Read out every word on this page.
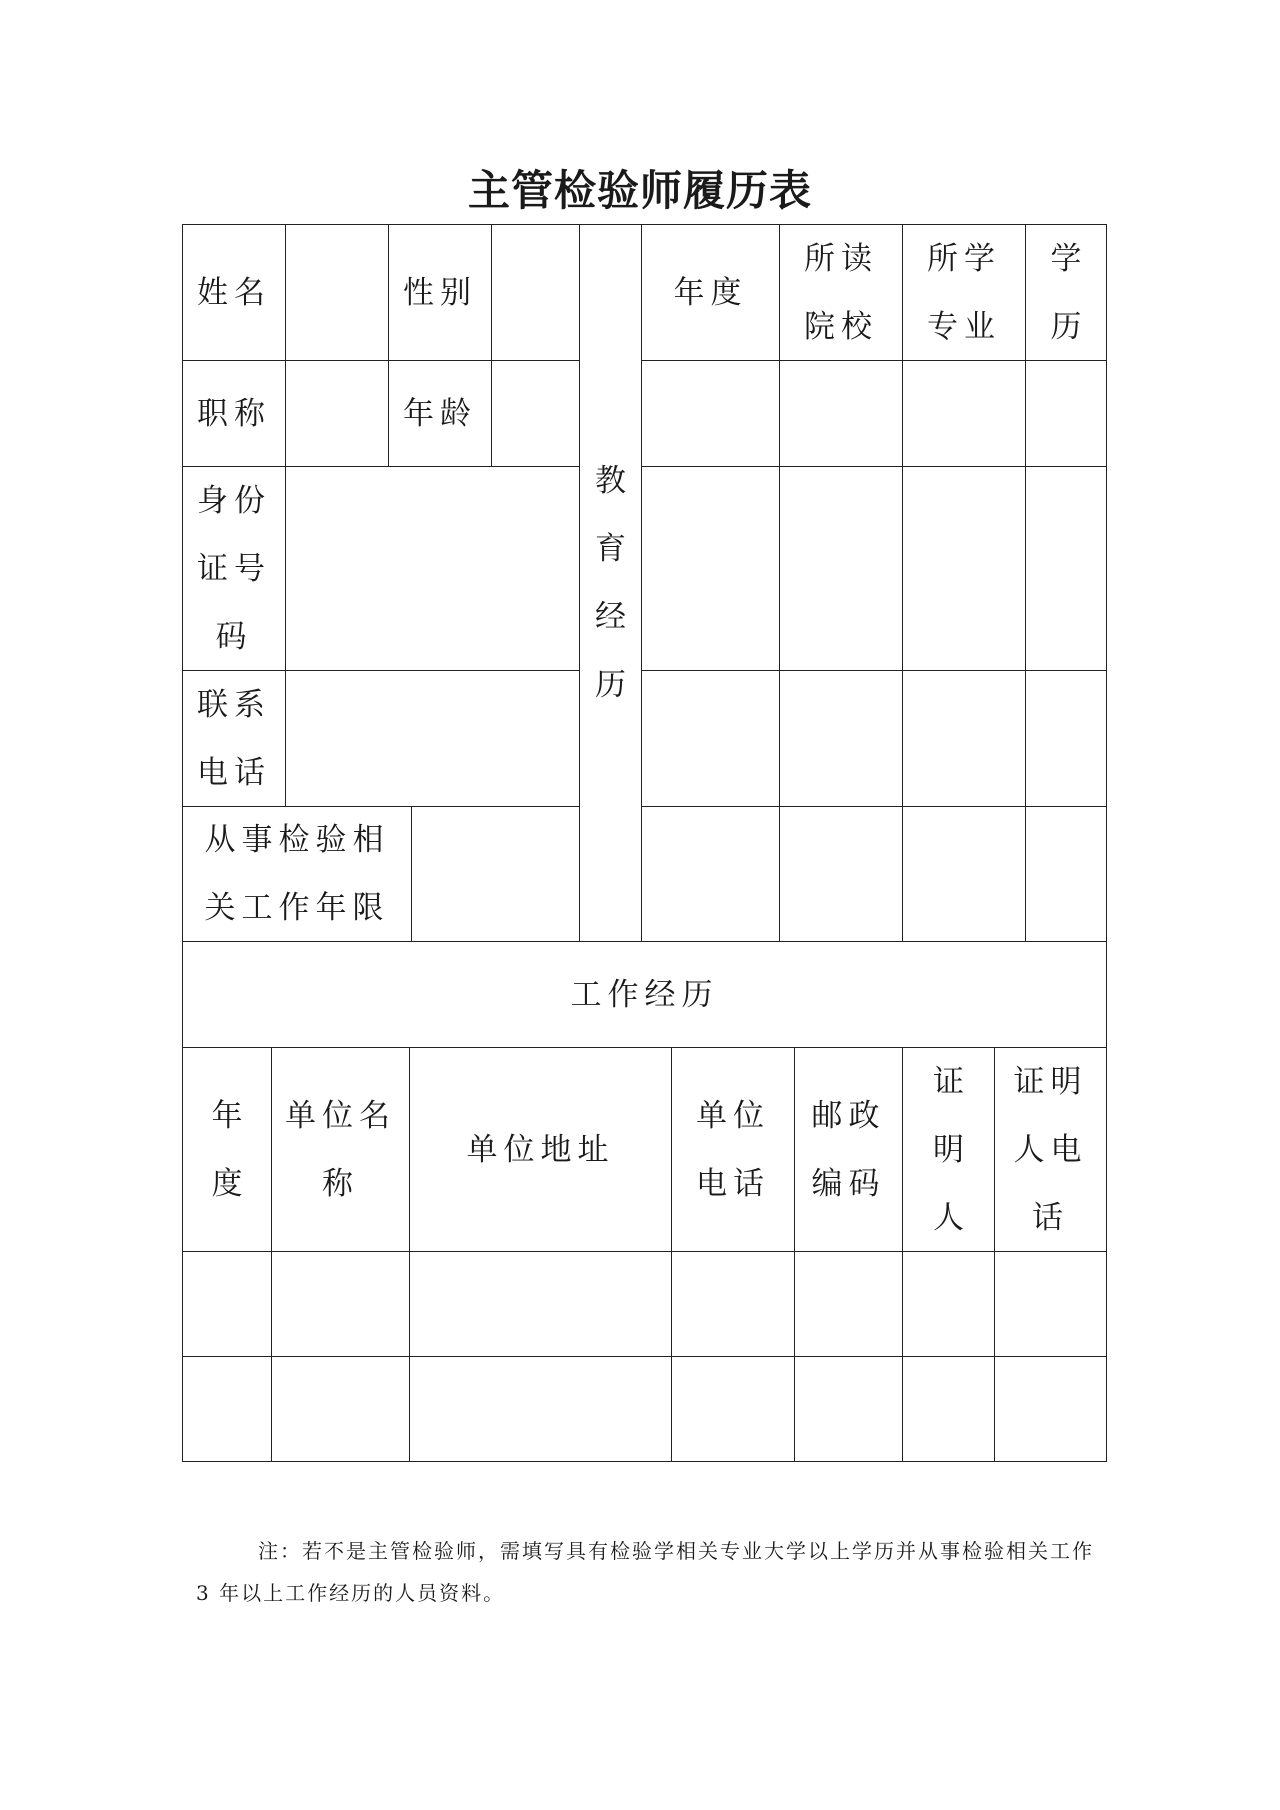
主管检验师履历表
姓名	性别
教育经历
年度
所读院校
所学专业
学历
职称	年龄
身份证号码
联系电话
从事检验相关工作年限
工作经历
年度
单位名称
单位地址
单位电话
邮政编码
证明人
证明人电话
注：若不是主管检验师，需填写具有检验学相关专业大学以上学历并从事检验相关工作 3 年以上工作经历的人员资料。
